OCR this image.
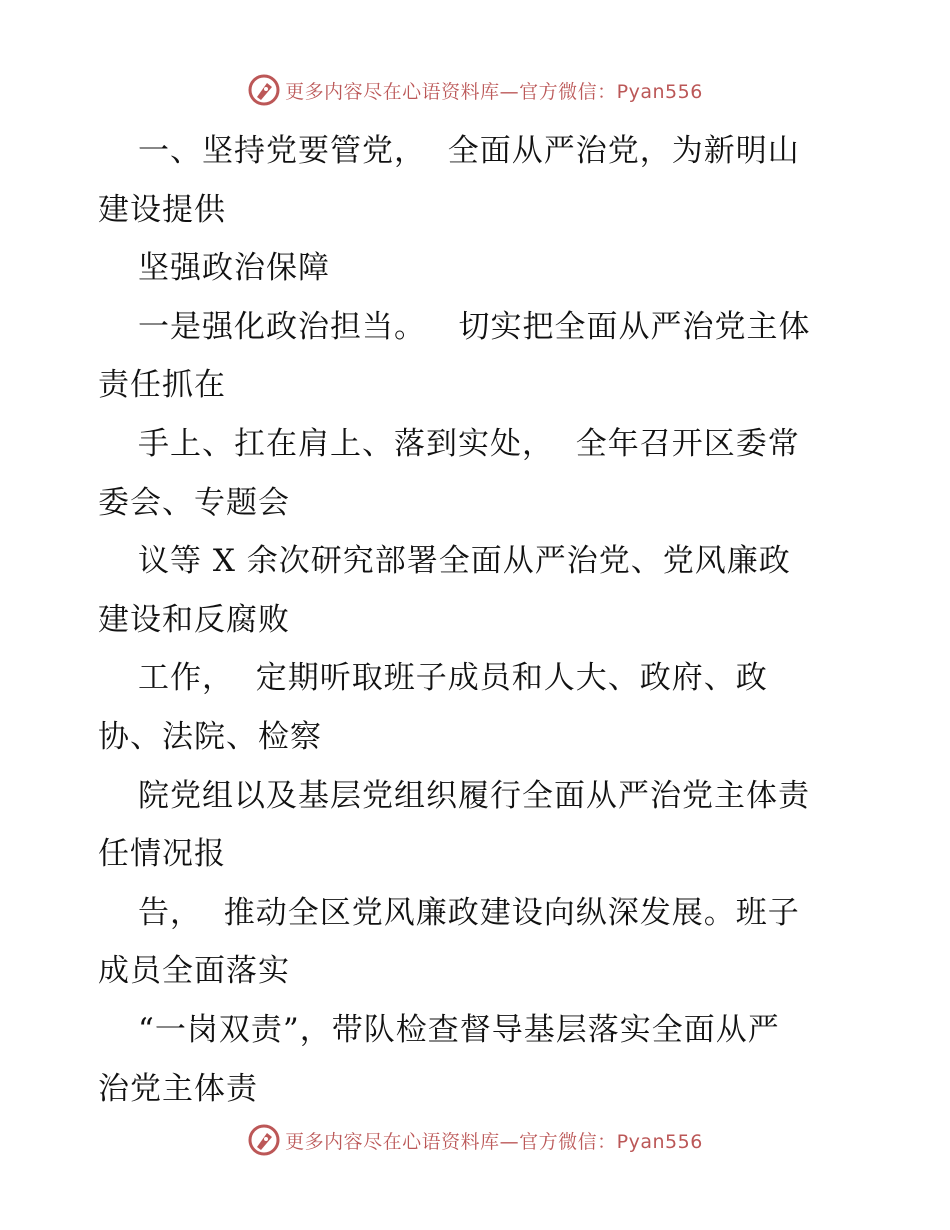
更多内容尽在心语资料库—官方微信：Pyan556
一、坚持党要管党，  全面从严治党，为新明山
建设提供
坚强政治保障
一是强化政治担当。   切实把全面从严治党主体
责任抓在
手上、扛在肩上、落到实处，  全年召开区委常
委会、专题会
议等 X 余次研究部署全面从严治党、党风廉政
建设和反腐败
工作，  定期听取班子成员和人大、政府、政
协、法院、检察
院党组以及基层党组织履行全面从严治党主体责
任情况报
告，  推动全区党风廉政建设向纵深发展。班子
成员全面落实
“一岗双责”，带队检查督导基层落实全面从严
治党主体责
更多内容尽在心语资料库—官方微信：Pyan556
